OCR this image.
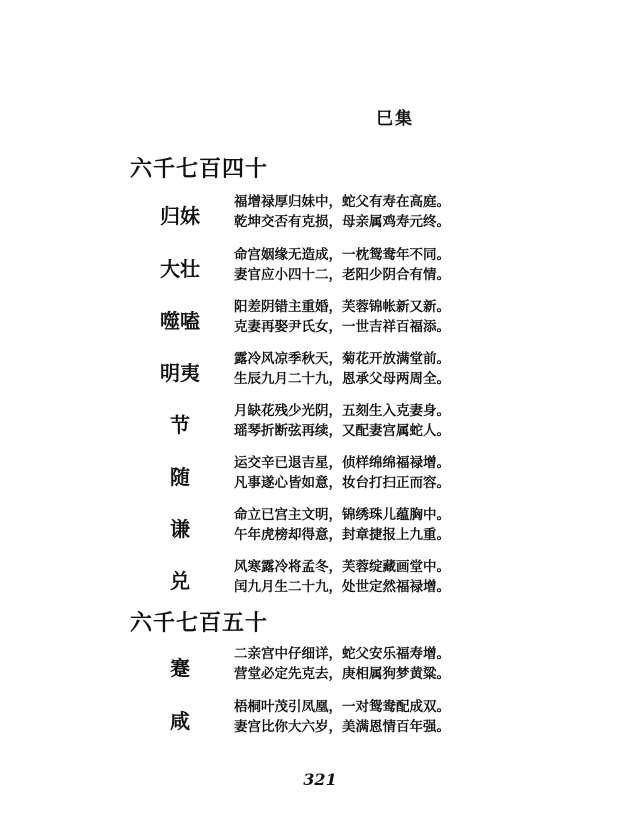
巳集
六千七百四十
归妹
福增禄厚归妹中，蛇父有寿在高庭。
乾坤交否有克损，母亲属鸡寿元终。
大壮
命宫姻缘无造成，一枕鸳鸯年不同。
妻官应小四十二，老阳少阴合有情。
噬嗑
阳差阴错主重婚，芙蓉锦帐新又新。
克妻再娶尹氏女，一世吉祥百福添。
明夷
露冷风凉季秋天，菊花开放满堂前。
生辰九月二十九，恩承父母两周全。
节
月缺花残少光阴，五刻生入克妻身。
瑶琴折断弦再续，又配妻宫属蛇人。
随
运交辛已退吉星，侦样绵绵福禄增。
凡事遂心皆如意，妆台打扫正而容。
谦
命立已宫主文明，锦绣珠儿蕴胸中。
午年虎榜却得意，封章捷报上九重。
兑
风寒露冷将孟冬，芙蓉绽藏画堂中。
闰九月生二十九，处世定然福禄增。
六千七百五十
蹇
二亲宫中仔细详，蛇父安乐福寿增。
营堂必定先克去，庚相属狗梦黄粱。
咸
梧桐叶茂引凤凰，一对鸳鸯配成双。
妻宫比你大六岁，美满恩情百年强。
321
